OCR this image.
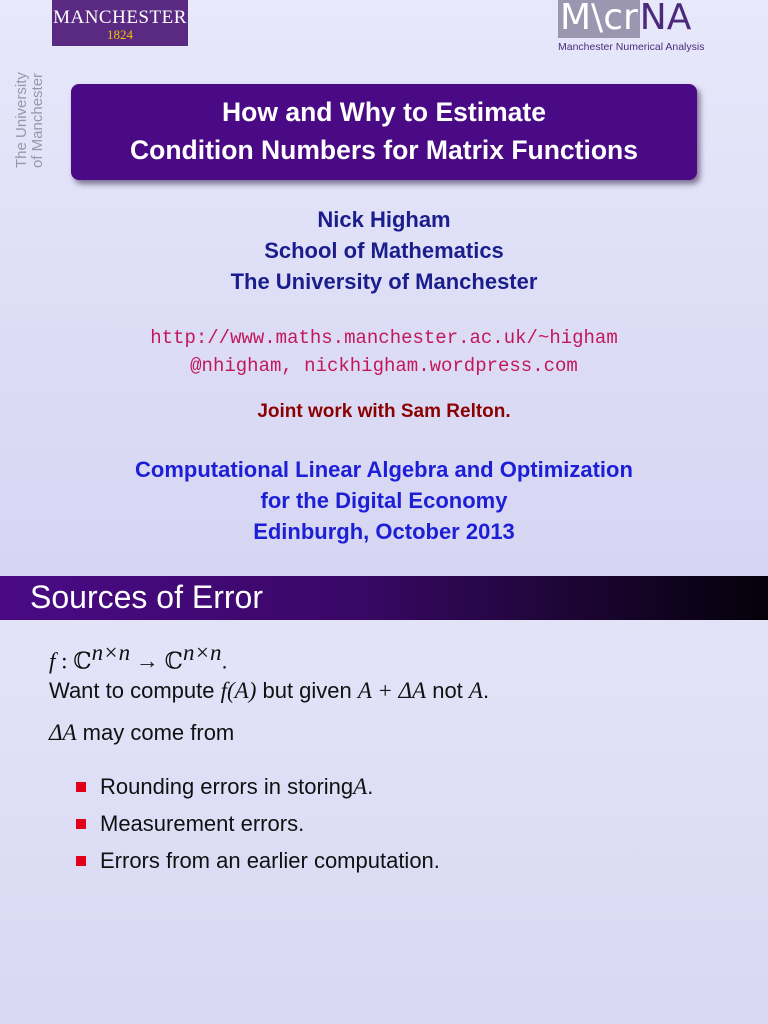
MANCHESTER
1824
The University of Manchester
M\crNA
Manchester Numerical Analysis
How and Why to Estimate
Condition Numbers for Matrix Functions
Nick Higham
School of Mathematics
The University of Manchester
http://www.maths.manchester.ac.uk/~higham
@nhigham, nickhigham.wordpress.com
Joint work with Sam Relton.
Computational Linear Algebra and Optimization
for the Digital Economy
Edinburgh, October 2013
Sources of Error
f : ℂ$^{n\times n}$ → ℂ$^{n\times n}$.
Want to compute f(A) but given A + ΔA not A.
ΔA may come from
Rounding errors in storing A .
Measurement errors.
Errors from an earlier computation.
